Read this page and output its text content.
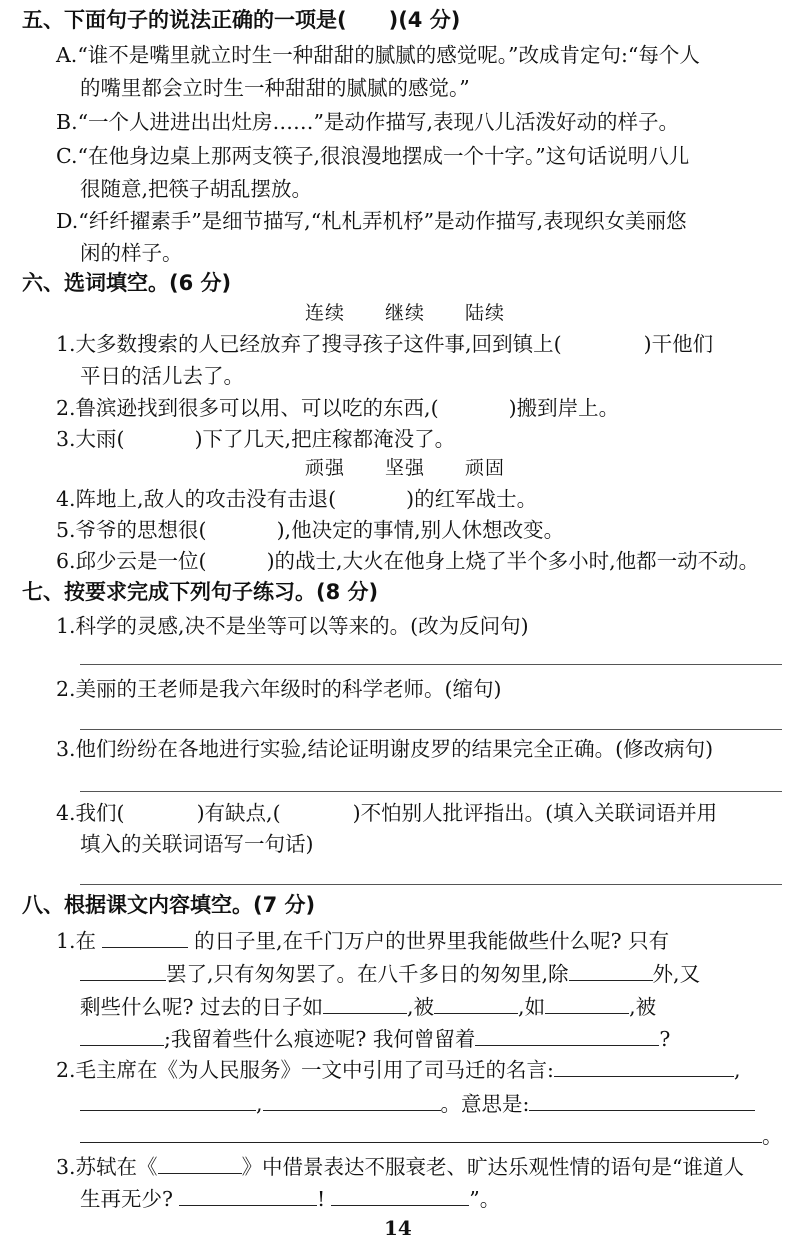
五、下面句子的说法正确的一项是(　　)(4 分)
A.“谁不是嘴里就立时生一种甜甜的腻腻的感觉呢。”改成肯定句:“每个人
的嘴里都会立时生一种甜甜的腻腻的感觉。”
B.“一个人进进出出灶房……”是动作描写,表现八儿活泼好动的样子。
C.“在他身边桌上那两支筷子,很浪漫地摆成一个十字。”这句话说明八儿
很随意,把筷子胡乱摆放。
D.“纤纤擢素手”是细节描写,“札札弄机杼”是动作描写,表现织女美丽悠
闲的样子。
六、选词填空。(6 分)
连续　　继续　　陆续
1.大多数搜索的人已经放弃了搜寻孩子这件事,回到镇上(	)干他们
平日的活儿去了。
2.鲁滨逊找到很多可以用、可以吃的东西,(	)搬到岸上。
3.大雨(	)下了几天,把庄稼都淹没了。
顽强　　坚强　　顽固
4.阵地上,敌人的攻击没有击退(	)的红军战士。
5.爷爷的思想很(	),他决定的事情,别人休想改变。
6.邱少云是一位(	)的战士,大火在他身上烧了半个多小时,他都一动不动。
七、按要求完成下列句子练习。(8 分)
1.科学的灵感,决不是坐等可以等来的。(改为反问句)
2.美丽的王老师是我六年级时的科学老师。(缩句)
3.他们纷纷在各地进行实验,结论证明谢皮罗的结果完全正确。(修改病句)
4.我们(	)有缺点,(	)不怕别人批评指出。(填入关联词语并用
填入的关联词语写一句话)
八、根据课文内容填空。(7 分)
1.在	的日子里,在千门万户的世界里我能做些什么呢? 只有
罢了,只有匆匆罢了。在八千多日的匆匆里,除	外,又
剩些什么呢? 过去的日子如	,被	,如	,被
;我留着些什么痕迹呢? 我何曾留着	?
2.毛主席在《为人民服务》一文中引用了司马迁的名言:	,
,	。意思是:
。
3.苏轼在《	》中借景表达不服衰老、旷达乐观性情的语句是“谁道人
生再无少?	!	”。
14
